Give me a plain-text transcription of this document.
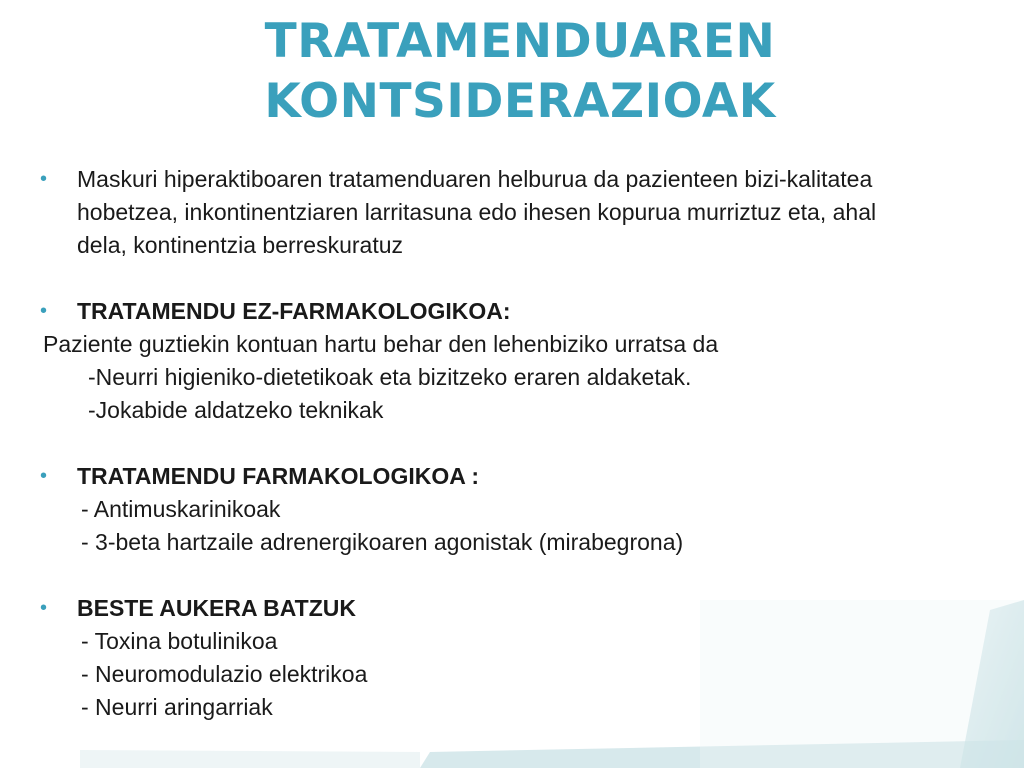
TRATAMENDUAREN
KONTSIDERAZIOAK
• Maskuri hiperaktiboaren tratamenduaren helburua da pazienteen bizi-kalitatea
hobetzea, inkontinentziaren larritasuna edo ihesen kopurua murriztuz eta, ahal
dela, kontinentzia berreskuratuz
• TRATAMENDU EZ-FARMAKOLOGIKOA:
Paziente guztiekin kontuan hartu behar den lehenbiziko urratsa da
-Neurri higieniko-dietetikoak eta bizitzeko eraren aldaketak.
-Jokabide aldatzeko teknikak
• TRATAMENDU FARMAKOLOGIKOA :
- Antimuskarinikoak
- 3-beta hartzaile adrenergikoaren agonistak (mirabegrona)
• BESTE AUKERA BATZUK
- Toxina botulinikoa
- Neuromodulazio elektrikoa
- Neurri aringarriak
